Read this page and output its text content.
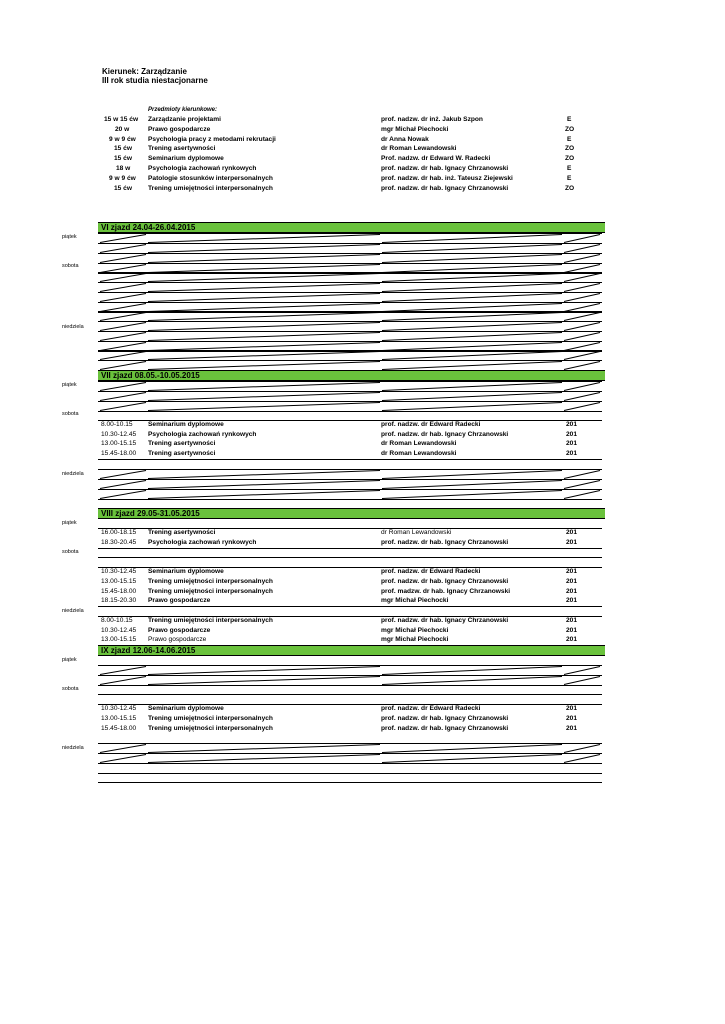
Kierunek: Zarządzanie
III rok studia niestacjonarne
Przedmioty kierunkowe:
15 w 15 ćw Zarządzanie projektami	prof. nadzw. dr inż. Jakub Szpon	E
20 w	Prawo gospodarcze	mgr Michał Piechocki	ZO
9 w 9 ćw Psychologia pracy z metodami rekrutacji	dr Anna Nowak	E
15 ćw Trening asertywności	dr Roman Lewandowski	ZO
15 ćw Seminarium dyplomowe	Prof. nadzw. dr Edward W. Radecki	ZO
18 w	Psychologia zachowań rynkowych	prof. nadzw. dr hab. Ignacy Chrzanowski	E
9 w 9 ćw Patologie stosunków interpersonalnych	prof. nadzw. dr hab. inż. Tateusz Ziejewski	E
15 ćw Trening umiejętności interpersonalnych	prof. nadzw. dr hab. Ignacy Chrzanowski	ZO
VI zjazd 24.04-26.04.2015
piątek
sobota
niedziela
VII zjazd 08.05.-10.05.2015
piątek
sobota
niedziela
8.00-10.15 Seminarium dyplomowe	prof. nadzw. dr Edward Radecki	201
10.30-12.45 Psychologia zachowań rynkowych	prof. nadzw. dr hab. Ignacy Chrzanowski	201
13.00-15.15 Trening asertywności	dr Roman Lewandowski	201
15.45-18.00 Trening asertywności	dr Roman Lewandowski	201
VIII zjazd 29.05-31.05.2015
piątek
sobota
niedziela
16.00-18.15 Trening asertywności	dr Roman Lewandowski	201
18.30-20.45 Psychologia zachowań rynkowych	prof. nadzw. dr hab. Ignacy Chrzanowski	201
10.30-12.45 Seminarium dyplomowe	prof. nadzw. dr Edward Radecki	201
13.00-15.15 Trening umiejętności interpersonalnych	prof. nadzw. dr hab. Ignacy Chrzanowski	201
15.45-18.00 Trening umiejętności interpersonalnych	prof. madzw. dr hab. Ignacy Chrzanowski	201
18.15-20.30 Prawo gospodarcze	mgr Michał Piechocki	201
8.00-10.15 Trening umiejętności interpersonalnych	prof. nadzw. dr hab. Ignacy Chrzanowski	201
10.30-12.45 Prawo gospodarcze	mgr Michał Piechocki	201
13.00-15.15 Prawo gospodarcze	mgr Michał Piechocki	201
IX zjazd 12.06-14.06.2015
piątek
sobota
niedziela
10.30-12.45 Seminarium dyplomowe	prof. nadzw. dr Edward Radecki	201
13.00-15.15 Trening umiejętności interpersonalnych	prof. nadzw. dr hab. Ignacy Chrzanowski	201
15.45-18.00 Trening umiejętności interpersonalnych	prof. nadzw. dr hab. Ignacy Chrzanowski	201
